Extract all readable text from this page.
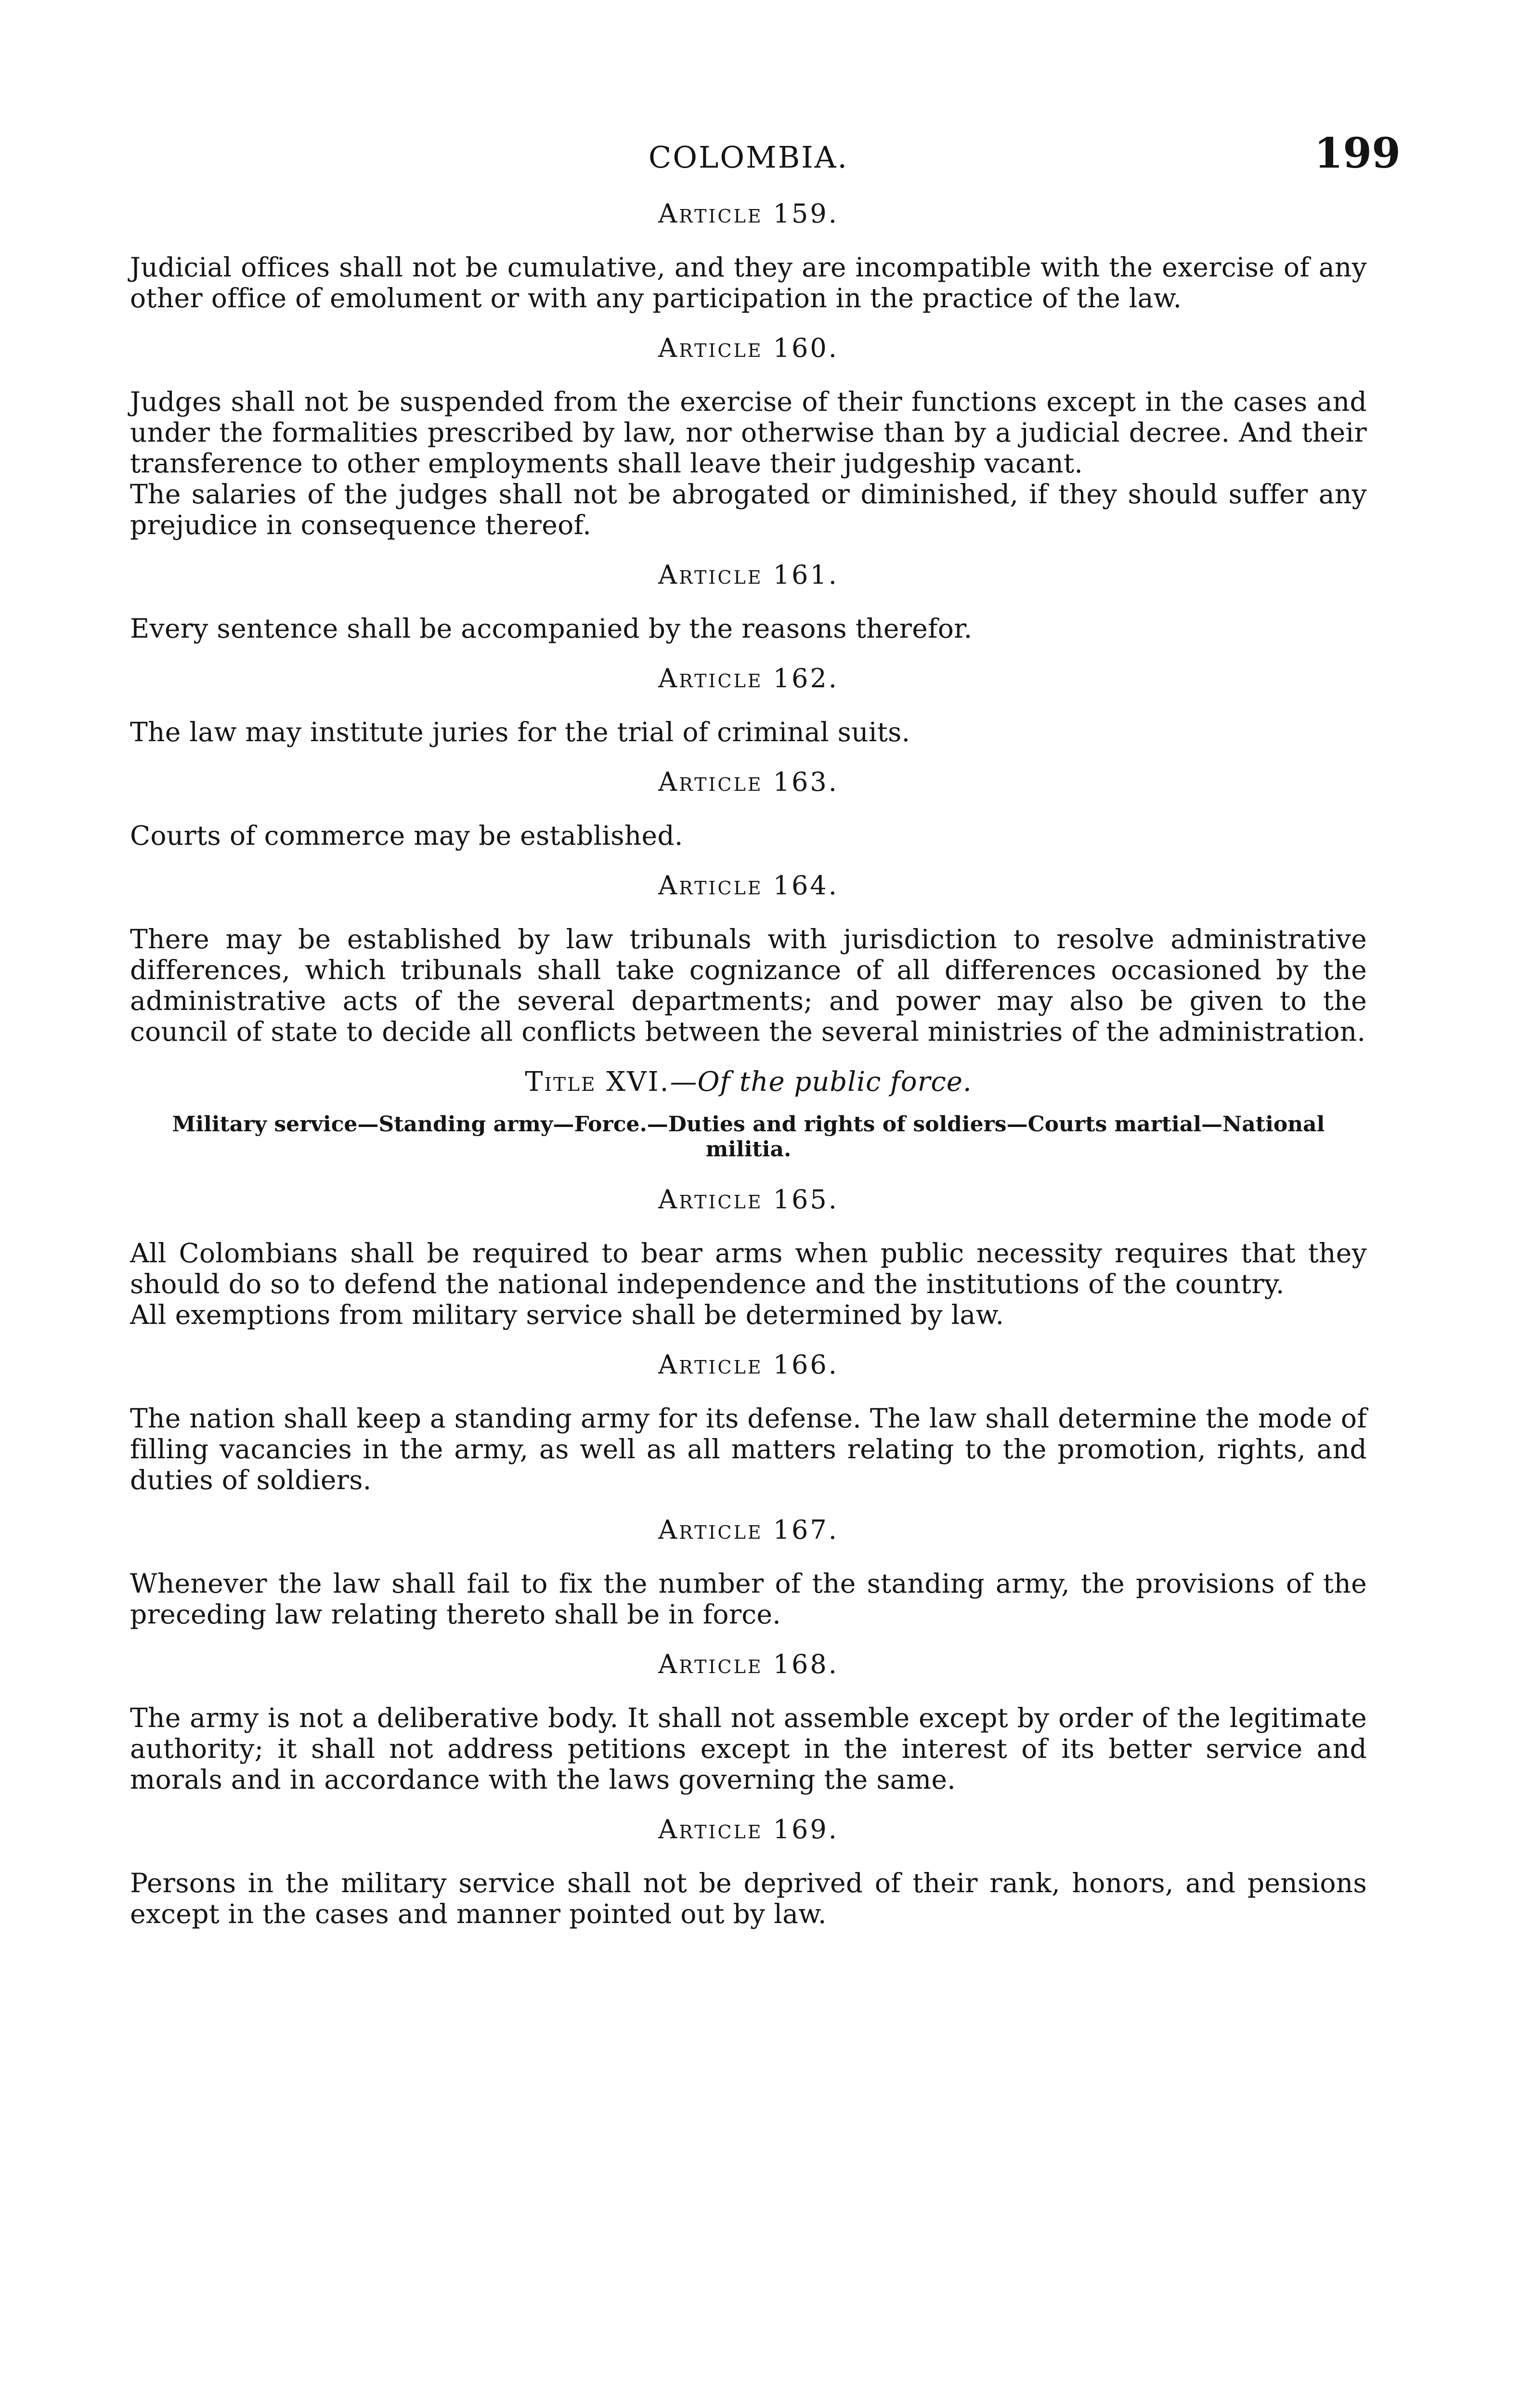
COLOMBIA.	199
Article 159.

Judicial offices shall not be cumulative, and they are incompatible with the exercise of any other office of emolument or with any participation in the practice of the law.

Article 160.

Judges shall not be suspended from the exercise of their functions except in the cases and under the formalities prescribed by law, nor otherwise than by a judicial decree. And their transference to other employments shall leave their judgeship vacant.

The salaries of the judges shall not be abrogated or diminished, if they should suffer any prejudice in consequence thereof.

Article 161.

Every sentence shall be accompanied by the reasons therefor.

Article 162.

The law may institute juries for the trial of criminal suits.

Article 163.

Courts of commerce may be established.

Article 164.

There may be established by law tribunals with jurisdiction to resolve administrative differences, which tribunals shall take cognizance of all differences occasioned by the administrative acts of the several departments; and power may also be given to the council of state to decide all conflicts between the several ministries of the administration.

Title XVI.—Of the public force.
Military service—Standing army—Force.—Duties and rights of soldiers—Courts martial—National militia.
Article 165.

All Colombians shall be required to bear arms when public necessity requires that they should do so to defend the national independence and the institutions of the country.

All exemptions from military service shall be determined by law.

Article 166.

The nation shall keep a standing army for its defense. The law shall determine the mode of filling vacancies in the army, as well as all matters relating to the promotion, rights, and duties of soldiers.

Article 167.

Whenever the law shall fail to fix the number of the standing army, the provisions of the preceding law relating thereto shall be in force.

Article 168.

The army is not a deliberative body. It shall not assemble except by order of the legitimate authority; it shall not address petitions except in the interest of its better service and morals and in accordance with the laws governing the same.

Article 169.

Persons in the military service shall not be deprived of their rank, honors, and pensions except in the cases and manner pointed out by law.
